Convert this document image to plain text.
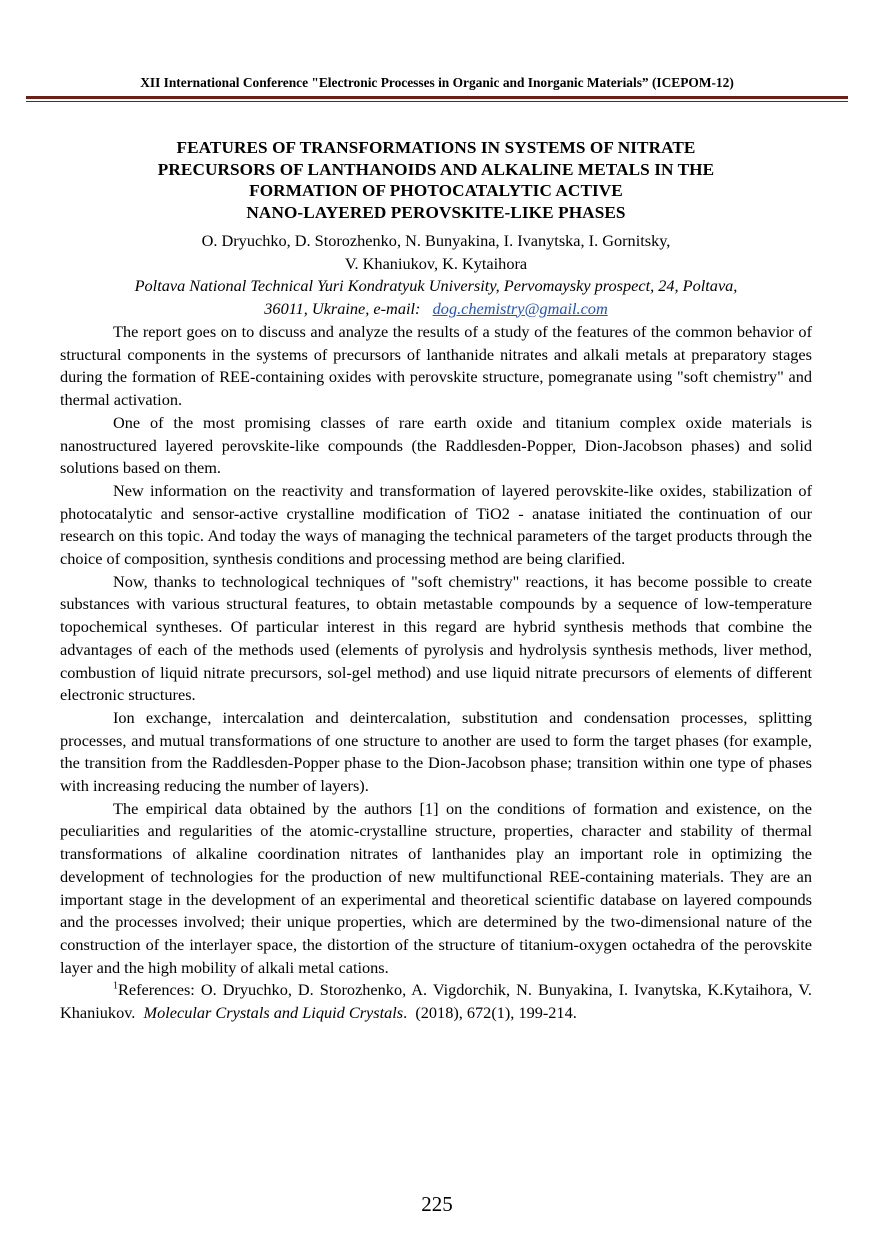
XII International Conference "Electronic Processes in Organic and Inorganic Materials” (ICEPOM-12)
FEATURES OF TRANSFORMATIONS IN SYSTEMS OF NITRATE
PRECURSORS OF LANTHANOIDS AND ALKALINE METALS IN THE
FORMATION OF PHOTOCATALYTIC ACTIVE
NANO-LAYERED PEROVSKITE-LIKE PHASES
O. Dryuchko, D. Storozhenko, N. Bunyakina, I. Ivanytska, I. Gornitsky,
V. Khaniukov, K. Kytaihora
Poltava National Technical Yuri Kondratyuk University, Pervomaysky prospect, 24, Poltava,
36011, Ukraine, e-mail: dog.chemistry@gmail.com

The report goes on to discuss and analyze the results of a study of the features of the common behavior of structural components in the systems of precursors of lanthanide nitrates and alkali metals at preparatory stages during the formation of REE-containing oxides with perovskite structure, pomegranate using "soft chemistry" and thermal activation.

One of the most promising classes of rare earth oxide and titanium complex oxide materials is nanostructured layered perovskite-like compounds (the Raddlesden-Popper, Dion-Jacobson phases) and solid solutions based on them.

New information on the reactivity and transformation of layered perovskite-like oxides, stabilization of photocatalytic and sensor-active crystalline modification of TiO2 - anatase initiated the continuation of our research on this topic. And today the ways of managing the technical parameters of the target products through the choice of composition, synthesis conditions and processing method are being clarified.

Now, thanks to technological techniques of "soft chemistry" reactions, it has become possible to create substances with various structural features, to obtain metastable compounds by a sequence of low-temperature topochemical syntheses. Of particular interest in this regard are hybrid synthesis methods that combine the advantages of each of the methods used (elements of pyrolysis and hydrolysis synthesis methods, liver method, combustion of liquid nitrate precursors, sol-gel method) and use liquid nitrate precursors of elements of different electronic structures.

Ion exchange, intercalation and deintercalation, substitution and condensation processes, splitting processes, and mutual transformations of one structure to another are used to form the target phases (for example, the transition from the Raddlesden-Popper phase to the Dion-Jacobson phase; transition within one type of phases with increasing reducing the number of layers).

The empirical data obtained by the authors [1] on the conditions of formation and existence, on the peculiarities and regularities of the atomic-crystalline structure, properties, character and stability of thermal transformations of alkaline coordination nitrates of lanthanides play an important role in optimizing the development of technologies for the production of new multifunctional REE-containing materials. They are an important stage in the development of an experimental and theoretical scientific database on layered compounds and the processes involved; their unique properties, which are determined by the two-dimensional nature of the construction of the interlayer space, the distortion of the structure of titanium-oxygen octahedra of the perovskite layer and the high mobility of alkali metal cations.

$^1$References: O. Dryuchko, D. Storozhenko, A. Vigdorchik, N. Bunyakina, I. Ivanytska, K.Kytaihora, V. Khaniukov. Molecular Crystals and Liquid Crystals.  (2018), 672(1), 199-214.

225
